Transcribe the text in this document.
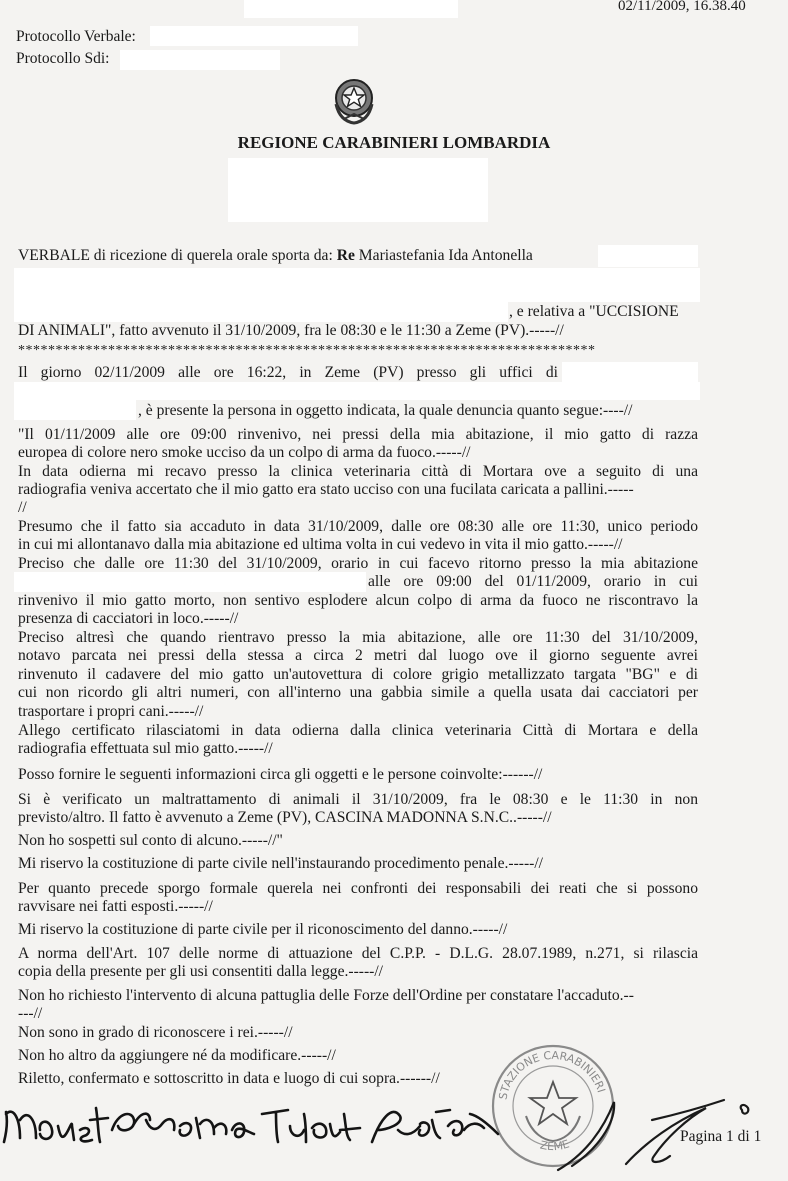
02/11/2009, 16.38.40
Protocollo Verbale:
Protocollo Sdi:
REGIONE CARABINIERI LOMBARDIA
VERBALE di ricezione di querela orale sporta da: Re Mariastefania Ida Antonella
, e relativa a "UCCISIONE
DI ANIMALI", fatto avvenuto il 31/10/2009, fra le 08:30 e le 11:30 a Zeme (PV).-----//
*****************************************************************************
Il giorno 02/11/2009 alle ore 16:22, in Zeme (PV) presso gli uffici di
, è presente la persona in oggetto indicata, la quale denuncia quanto segue:----//
"Il 01/11/2009 alle ore 09:00 rinvenivo, nei pressi della mia abitazione, il mio gatto di razza
europea di colore nero smoke ucciso da un colpo di arma da fuoco.-----//
In data odierna mi recavo presso la clinica veterinaria città di Mortara ove a seguito di una
radiografia veniva accertato che il mio gatto era stato ucciso con una fucilata caricata a pallini.-----
//
Presumo che il fatto sia accaduto in data 31/10/2009, dalle ore 08:30 alle ore 11:30, unico periodo
in cui mi allontanavo dalla mia abitazione ed ultima volta in cui vedevo in vita il mio gatto.-----//
Preciso che dalle ore 11:30 del 31/10/2009, orario in cui facevo ritorno presso la mia abitazione
alle ore 09:00 del 01/11/2009, orario in cui
rinvenivo il mio gatto morto, non sentivo esplodere alcun colpo di arma da fuoco ne riscontravo la
presenza di cacciatori in loco.-----//
Preciso altresì che quando rientravo presso la mia abitazione, alle ore 11:30 del 31/10/2009,
notavo parcata nei pressi della stessa a circa 2 metri dal luogo ove il giorno seguente avrei
rinvenuto il cadavere del mio gatto un'autovettura di colore grigio metallizzato targata "BG" e di
cui non ricordo gli altri numeri, con all'interno una gabbia simile a quella usata dai cacciatori per
trasportare i propri cani.-----//
Allego certificato rilasciatomi in data odierna dalla clinica veterinaria Città di Mortara e della
radiografia effettuata sul mio gatto.-----//
Posso fornire le seguenti informazioni circa gli oggetti e le persone coinvolte:------//
Si è verificato un maltrattamento di animali il 31/10/2009, fra le 08:30 e le 11:30 in non
previsto/altro. Il fatto è avvenuto a Zeme (PV), CASCINA MADONNA S.N.C..-----//
Non ho sospetti sul conto di alcuno.-----//"
Mi riservo la costituzione di parte civile nell'instaurando procedimento penale.-----//
Per quanto precede sporgo formale querela nei confronti dei responsabili dei reati che si possono
ravvisare nei fatti esposti.-----//
Mi riservo la costituzione di parte civile per il riconoscimento del danno.-----//
A norma dell'Art. 107 delle norme di attuazione del C.P.P. - D.L.G. 28.07.1989, n.271, si rilascia
copia della presente per gli usi consentiti dalla legge.-----//
Non ho richiesto l'intervento di alcuna pattuglia delle Forze dell'Ordine per constatare l'accaduto.--
---//
Non sono in grado di riconoscere i rei.-----//
Non ho altro da aggiungere né da modificare.-----//
Riletto, confermato e sottoscritto in data e luogo di cui sopra.------//
STAZIONE CARABINIERI
ZEME	Pagina 1 di 1
